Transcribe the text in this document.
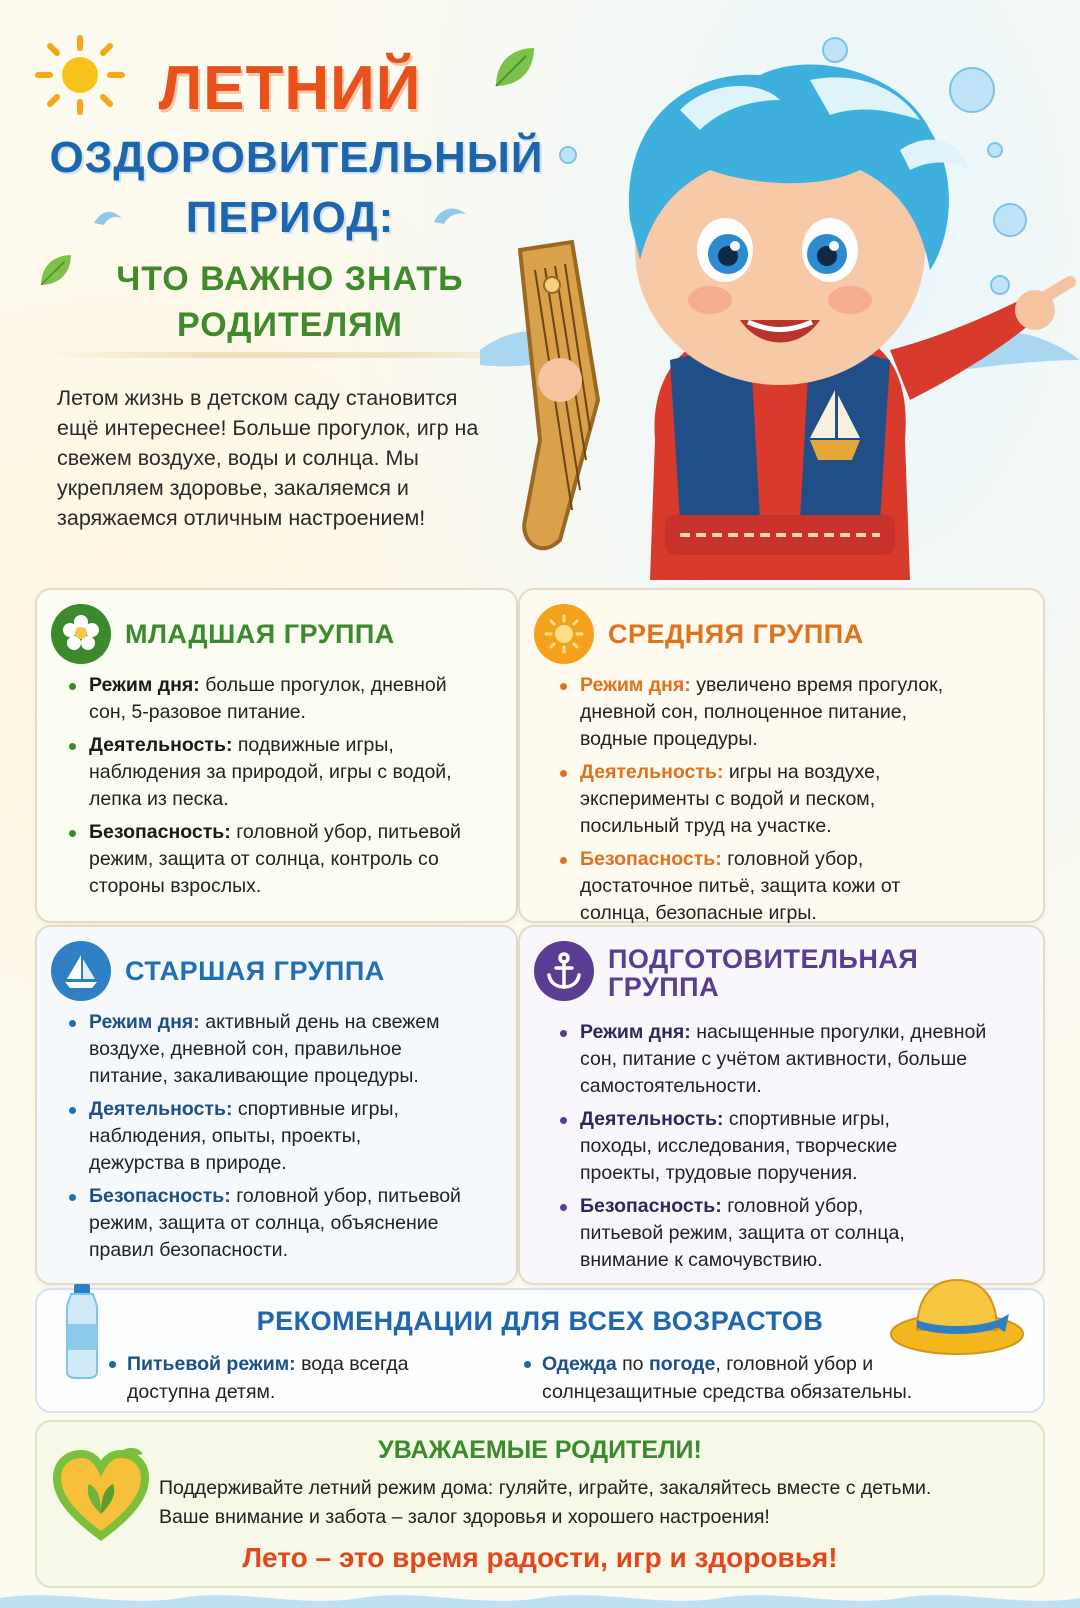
ЛЕТНИЙ
ОЗДОРОВИТЕЛЬНЫЙ
ПЕРИОД:
ЧТО ВАЖНО ЗНАТЬ
РОДИТЕЛЯМ

Летом жизнь в детском саду становится ещё интереснее! Больше прогулок, игр на свежем воздухе, воды и солнца. Мы укрепляем здоровье, закаляемся и заряжаемся отличным настроением!

МЛАДШАЯ ГРУППА
Режим дня: больше прогулок, дневной сон, 5-разовое питание.
Деятельность: подвижные игры, наблюдения за природой, игры с водой, лепка из песка.
Безопасность: головной убор, питьевой режим, защита от солнца, контроль со стороны взрослых.
СРЕДНЯЯ ГРУППА
Режим дня: увеличено время прогулок, дневной сон, полноценное питание, водные процедуры.
Деятельность: игры на воздухе, эксперименты с водой и песком, посильный труд на участке.
Безопасность: головной убор, достаточное питьё, защита кожи от солнца, безопасные игры.
СТАРШАЯ ГРУППА
Режим дня: активный день на свежем воздухе, дневной сон, правильное питание, закаливающие процедуры.
Деятельность: спортивные игры, наблюдения, опыты, проекты, дежурства в природе.
Безопасность: головной убор, питьевой режим, защита от солнца, объяснение правил безопасности.
ПОДГОТОВИТЕЛЬНАЯ
ГРУППА
Режим дня: насыщенные прогулки, дневной сон, питание с учётом активности, больше самостоятельности.
Деятельность: спортивные игры, походы, исследования, творческие проекты, трудовые поручения.
Безопасность: головной убор, питьевой режим, защита от солнца, внимание к самочувствию.
РЕКОМЕНДАЦИИ ДЛЯ ВСЕХ ВОЗРАСТОВ
Питьевой режим: вода всегда доступна детям.
Одежда по погоде, головной убор и солнцезащитные средства обязательны.
УВАЖАЕМЫЕ РОДИТЕЛИ!
Поддерживайте летний режим дома: гуляйте, играйте, закаляйтесь вместе с детьми.
Ваше внимание и забота – залог здоровья и хорошего настроения!

Лето – это время радости, игр и здоровья!
